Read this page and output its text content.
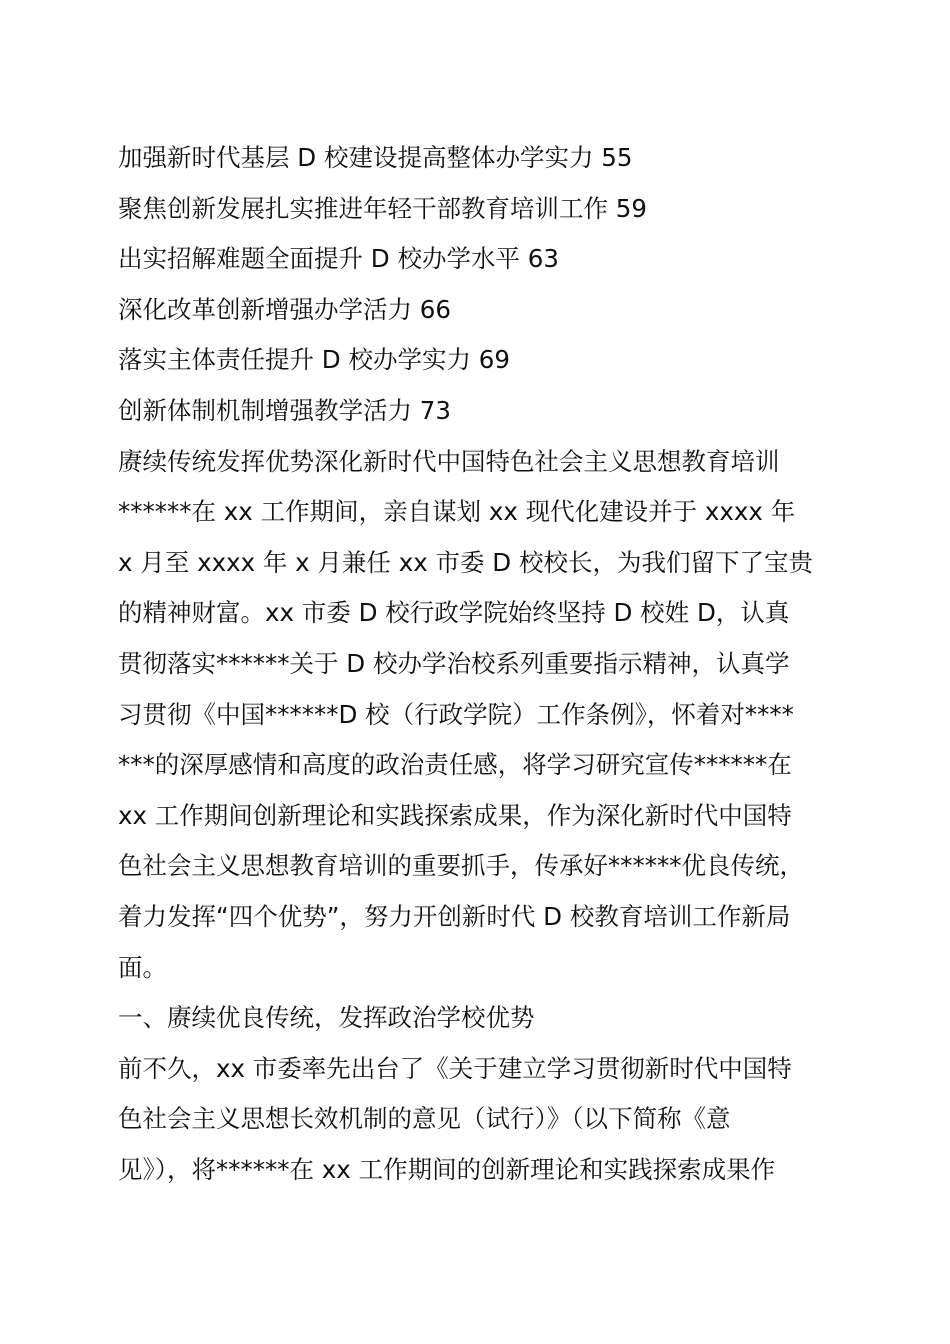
加强新时代基层 D 校建设提高整体办学实力 55
聚焦创新发展扎实推进年轻干部教育培训工作 59
出实招解难题全面提升 D 校办学水平 63
深化改革创新增强办学活力 66
落实主体责任提升 D 校办学实力 69
创新体制机制增强教学活力 73
赓续传统发挥优势深化新时代中国特色社会主义思想教育培训
******在 xx 工作期间，亲自谋划 xx 现代化建设并于 xxxx 年
x 月至 xxxx 年 x 月兼任 xx 市委 D 校校长，为我们留下了宝贵
的精神财富。xx 市委 D 校行政学院始终坚持 D 校姓 D，认真
贯彻落实******关于 D 校办学治校系列重要指示精神，认真学
习贯彻《中国******D 校（行政学院）工作条例》，怀着对****
***的深厚感情和高度的政治责任感，将学习研究宣传******在
xx 工作期间创新理论和实践探索成果，作为深化新时代中国特
色社会主义思想教育培训的重要抓手，传承好******优良传统，
着力发挥“四个优势”，努力开创新时代 D 校教育培训工作新局
面。
一、赓续优良传统，发挥政治学校优势
前不久，xx 市委率先出台了《关于建立学习贯彻新时代中国特
色社会主义思想长效机制的意见（试行）》（以下简称《意
见》），将******在 xx 工作期间的创新理论和实践探索成果作
